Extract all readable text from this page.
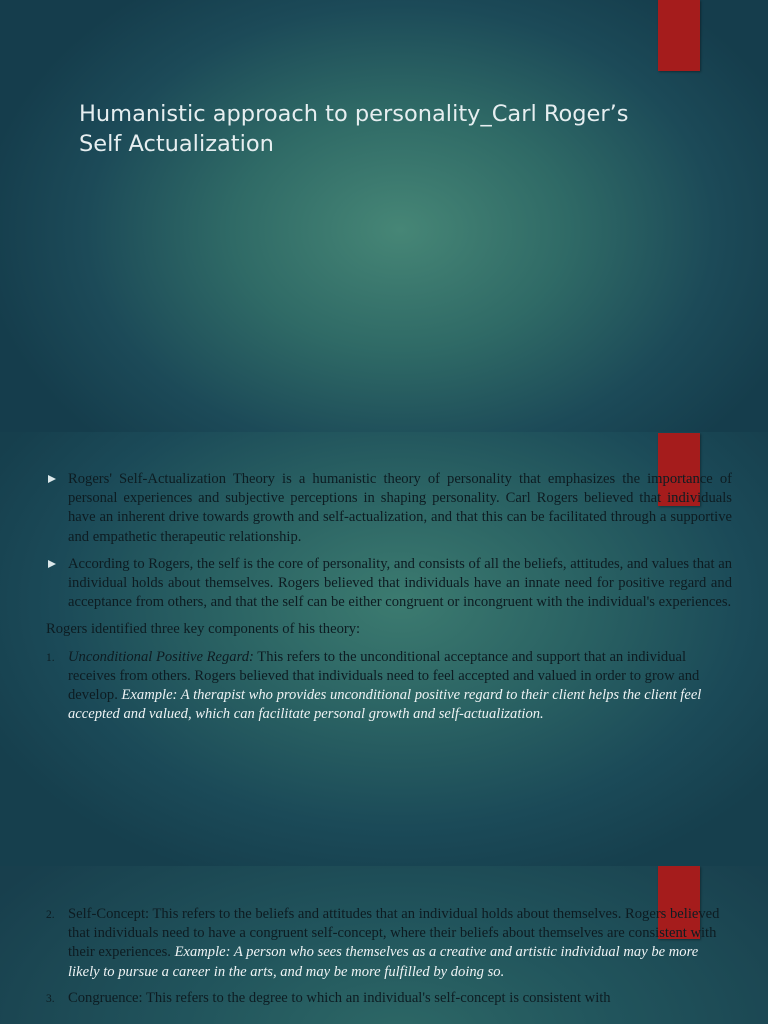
Humanistic approach to personality_Carl Roger’s Self Actualization

Rogers' Self-Actualization Theory is a humanistic theory of personality that emphasizes the importance of personal experiences and subjective perceptions in shaping personality. Carl Rogers believed that individuals have an inherent drive towards growth and self-actualization, and that this can be facilitated through a supportive and empathetic therapeutic relationship.

According to Rogers, the self is the core of personality, and consists of all the beliefs, attitudes, and values that an individual holds about themselves. Rogers believed that individuals have an innate need for positive regard and acceptance from others, and that the self can be either congruent or incongruent with the individual's experiences.

Rogers identified three key components of his theory:

1. Unconditional Positive Regard: This refers to the unconditional acceptance and support that an individual receives from others. Rogers believed that individuals need to feel accepted and valued in order to grow and develop. Example: A therapist who provides unconditional positive regard to their client helps the client feel accepted and valued, which can facilitate personal growth and self-actualization.

2. Self-Concept: This refers to the beliefs and attitudes that an individual holds about themselves. Rogers believed that individuals need to have a congruent self-concept, where their beliefs about themselves are consistent with their experiences. Example: A person who sees themselves as a creative and artistic individual may be more likely to pursue a career in the arts, and may be more fulfilled by doing so.

3. Congruence: This refers to the degree to which an individual's self-concept is consistent with
